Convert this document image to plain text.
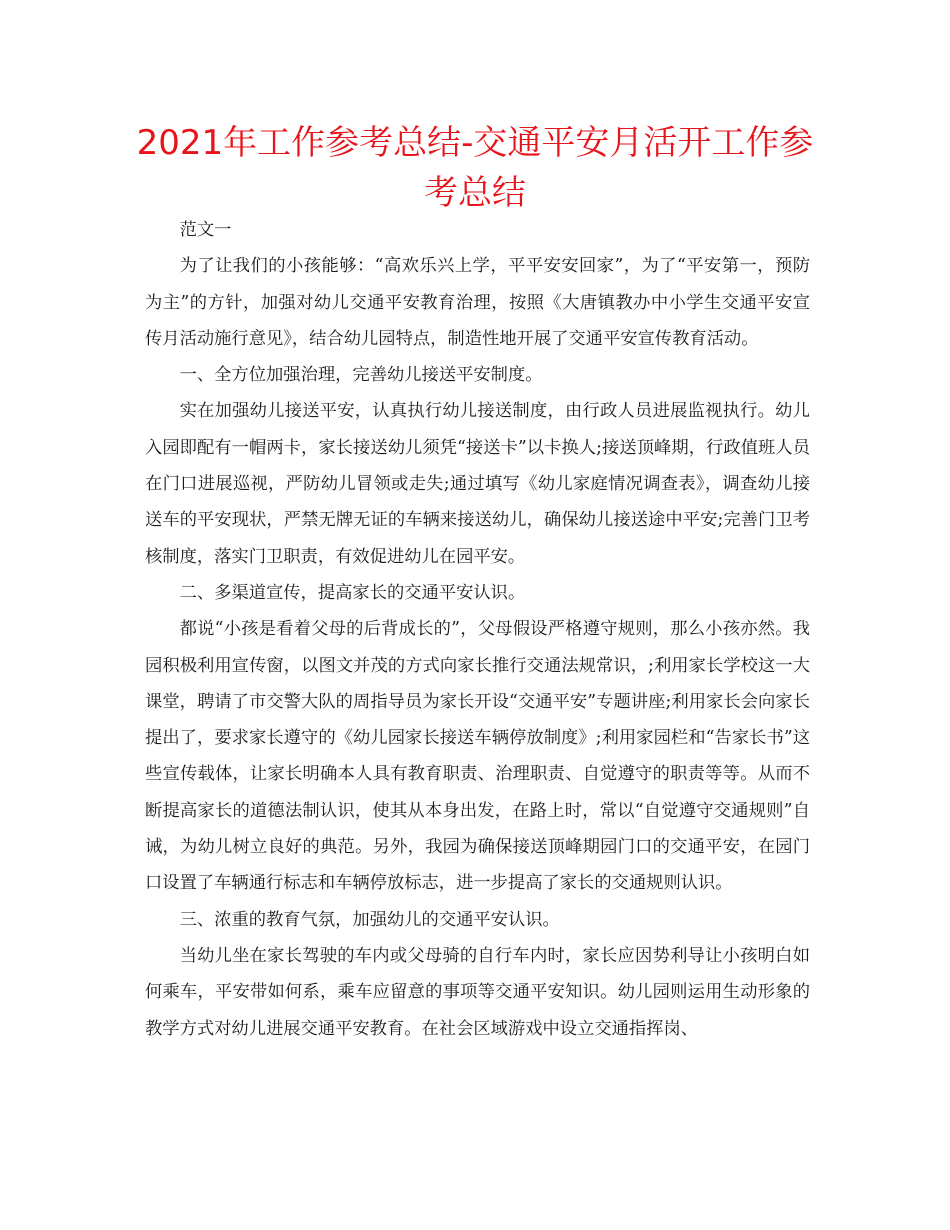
2021年工作参考总结-交通平安月活开工作参考总结

范文一

为了让我们的小孩能够：“高欢乐兴上学，平平安安回家”，为了“平安第一，预防为主”的方针，加强对幼儿交通平安教育治理，按照《大唐镇教办中小学生交通平安宣传月活动施行意见》，结合幼儿园特点，制造性地开展了交通平安宣传教育活动。

一、全方位加强治理，完善幼儿接送平安制度。

实在加强幼儿接送平安，认真执行幼儿接送制度，由行政人员进展监视执行。幼儿入园即配有一帽两卡，家长接送幼儿须凭“接送卡”以卡换人;接送顶峰期，行政值班人员在门口进展巡视，严防幼儿冒领或走失;通过填写《幼儿家庭情况调查表》，调查幼儿接送车的平安现状，严禁无牌无证的车辆来接送幼儿，确保幼儿接送途中平安;完善门卫考核制度，落实门卫职责，有效促进幼儿在园平安。

二、多渠道宣传，提高家长的交通平安认识。

都说“小孩是看着父母的后背成长的”，父母假设严格遵守规则，那么小孩亦然。我园积极利用宣传窗，以图文并茂的方式向家长推行交通法规常识，;利用家长学校这一大课堂，聘请了市交警大队的周指导员为家长开设“交通平安”专题讲座;利用家长会向家长提出了，要求家长遵守的《幼儿园家长接送车辆停放制度》;利用家园栏和“告家长书”这些宣传载体，让家长明确本人具有教育职责、治理职责、自觉遵守的职责等等。从而不断提高家长的道德法制认识，使其从本身出发，在路上时，常以“自觉遵守交通规则”自诫，为幼儿树立良好的典范。另外，我园为确保接送顶峰期园门口的交通平安，在园门口设置了车辆通行标志和车辆停放标志，进一步提高了家长的交通规则认识。

三、浓重的教育气氛，加强幼儿的交通平安认识。

当幼儿坐在家长驾驶的车内或父母骑的自行车内时，家长应因势利导让小孩明白如何乘车，平安带如何系，乘车应留意的事项等交通平安知识。幼儿园则运用生动形象的教学方式对幼儿进展交通平安教育。在社会区域游戏中设立交通指挥岗、
